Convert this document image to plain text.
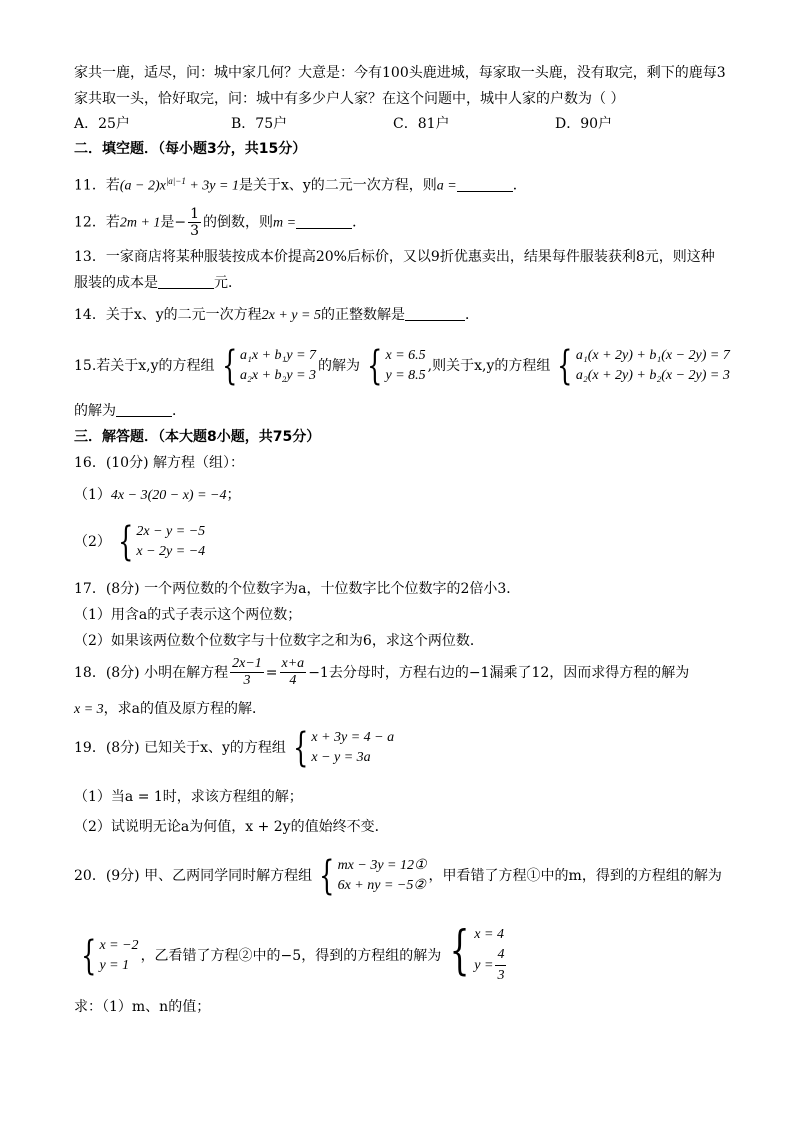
家共一鹿，适尽，问：城中家几何？大意是：今有100头鹿进城，每家取一头鹿，没有取完，剩下的鹿每3
家共取一头，恰好取完，问：城中有多少户人家？在这个问题中，城中人家的户数为（ ）
A．25户	B．75户	C．81户	D．90户
二．填空题．（每小题3分，共15分）
11．若$(a - 2)x^{|a|-1} + 3y = 1$是关于x、y的二元一次方程，则a =	．
12．若2m + 1是− $\frac{1}{3}$ 的倒数，则m =	．
13．一家商店将某种服装按成本价提高20%后标价，又以9折优惠卖出，结果每件服装获利8元，则这种
服装的成本是	元．
14．关于x、y的二元一次方程2x + y = 5的正整数解是	．
15.若关于x,y的方程组 { a₁x + b₁y = 7
a₂x + b₂y = 3
的解为 { x = 6.5
y = 8.5
,则关于x,y的方程组 { a₁(x + 2y) + b₁(x − 2y) = 7
a₂(x + 2y) + b₂(x − 2y) = 3
的解为	．
三．解答题．（本大题8小题，共75分）
16．(10分) 解方程（组）：
（1）4x − 3(20 − x) = −4；
（2） { 2x − y = −5
x − 2y = −4
17．(8分) 一个两位数的个位数字为a，十位数字比个位数字的2倍小3．
（1）用含a的式子表示这个两位数；
（2）如果该两位数个位数字与十位数字之和为6，求这个两位数．
18．(8分) 小明在解方程 $\frac{2x-1}{3} = \frac{x+a}{4} -1$去分母时，方程右边的−1漏乘了12，因而求得方程的解为
x = 3，求a的值及原方程的解．
19．(8分) 已知关于x、y的方程组 { x + 3y = 4 − a
x − y = 3a
（1）当a = 1时，求该方程组的解；
（2）试说明无论a为何值，x + 2y的值始终不变．
20．(9分) 甲、乙两同学同时解方程组 { mx − 3y = 12①
6x + ny = −5②
，甲看错了方程①中的m，得到的方程组的解为
{ x = −2
y = 1
，乙看错了方程②中的−5，得到的方程组的解为 { x = 4
$y = \frac{4}{3}$
求：（1）m、n的值；
